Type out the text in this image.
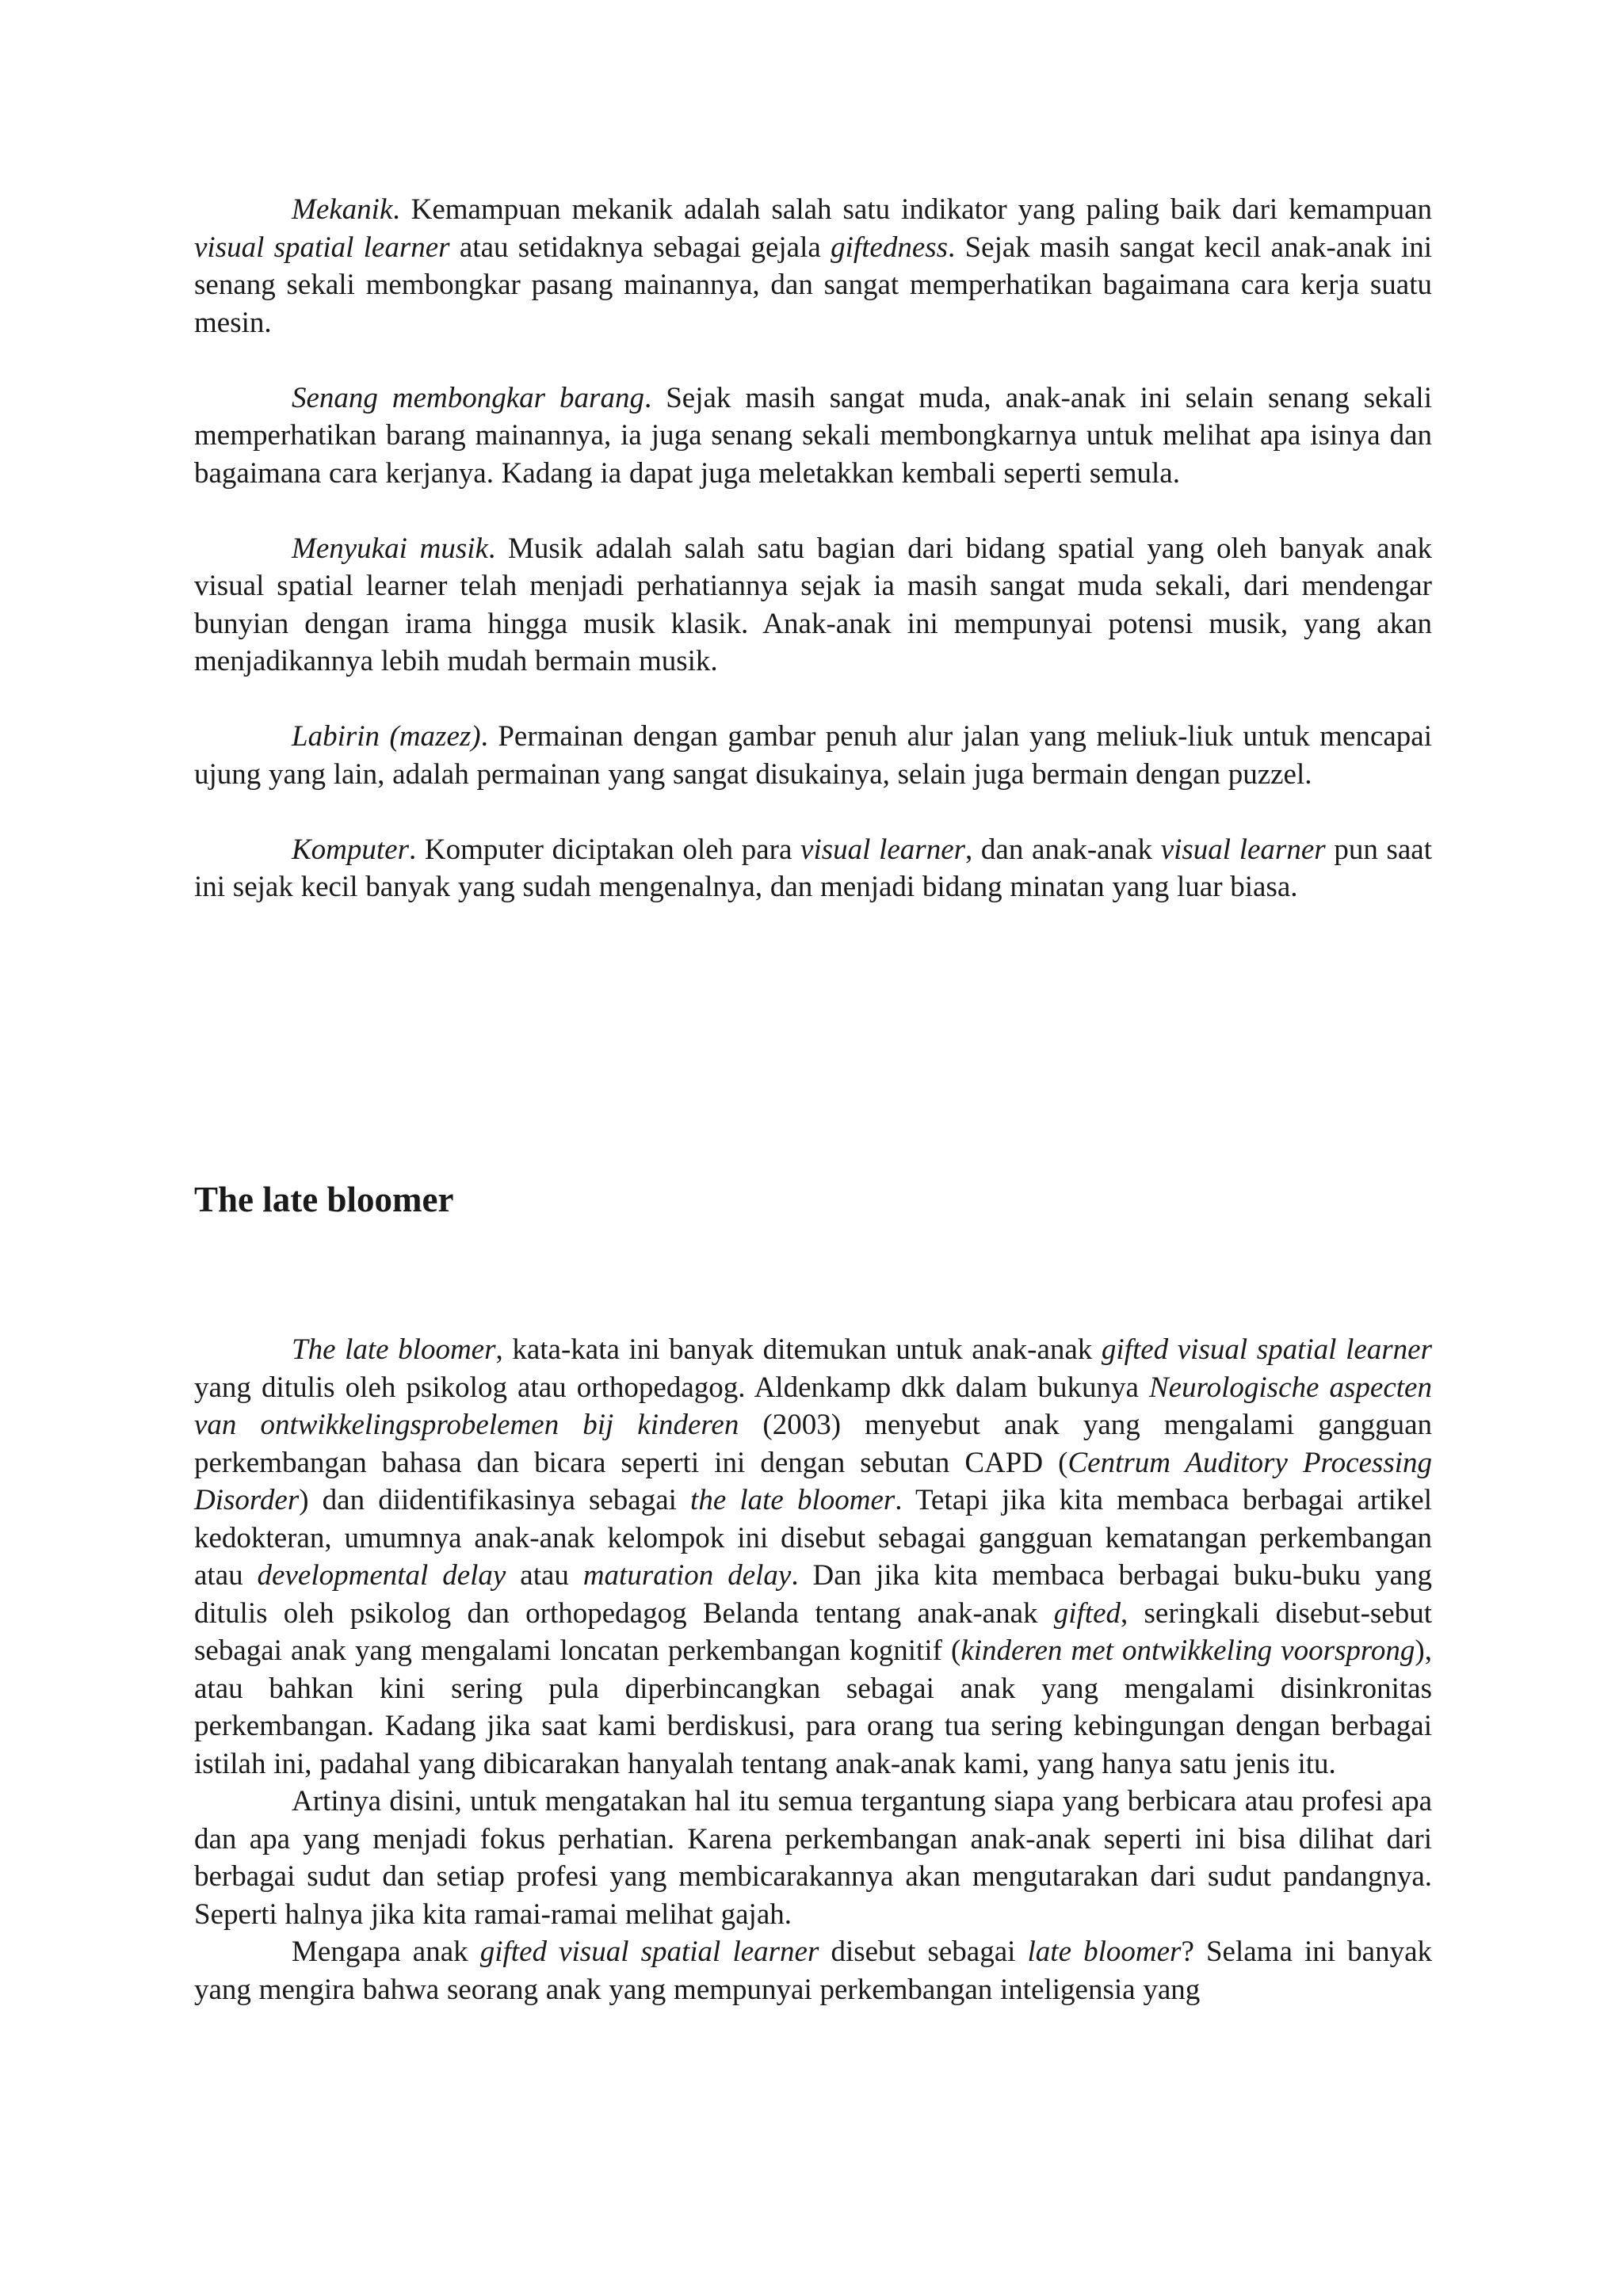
Mekanik. Kemampuan mekanik adalah salah satu indikator yang paling baik dari kemampuan visual spatial learner atau setidaknya sebagai gejala giftedness. Sejak masih sangat kecil anak-anak ini senang sekali membongkar pasang mainannya, dan sangat memperhatikan bagaimana cara kerja suatu mesin.

Senang membongkar barang. Sejak masih sangat muda, anak-anak ini selain senang sekali memperhatikan barang mainannya, ia juga senang sekali membongkarnya untuk melihat apa isinya dan bagaimana cara kerjanya. Kadang ia dapat juga meletakkan kembali seperti semula.

Menyukai musik. Musik adalah salah satu bagian dari bidang spatial yang oleh banyak anak visual spatial learner telah menjadi perhatiannya sejak ia masih sangat muda sekali, dari mendengar bunyian dengan irama hingga musik klasik. Anak-anak ini mempunyai potensi musik, yang akan menjadikannya lebih mudah bermain musik.

Labirin (mazez). Permainan dengan gambar penuh alur jalan yang meliuk-liuk untuk mencapai ujung yang lain, adalah permainan yang sangat disukainya, selain juga bermain dengan puzzel.

Komputer. Komputer diciptakan oleh para visual learner, dan anak-anak visual learner pun saat ini sejak kecil banyak yang sudah mengenalnya, dan menjadi bidang minatan yang luar biasa.

The late bloomer

The late bloomer, kata-kata ini banyak ditemukan untuk anak-anak gifted visual spatial learner yang ditulis oleh psikolog atau orthopedagog. Aldenkamp dkk dalam bukunya Neurologische aspecten van ontwikkelingsprobelemen bij kinderen (2003) menyebut anak yang mengalami gangguan perkembangan bahasa dan bicara seperti ini dengan sebutan CAPD (Centrum Auditory Processing Disorder) dan diidentifikasinya sebagai the late bloomer. Tetapi jika kita membaca berbagai artikel kedokteran, umumnya anak-anak kelompok ini disebut sebagai gangguan kematangan perkembangan atau developmental delay atau maturation delay. Dan jika kita membaca berbagai buku-buku yang ditulis oleh psikolog dan orthopedagog Belanda tentang anak-anak gifted, seringkali disebut-sebut sebagai anak yang mengalami loncatan perkembangan kognitif (kinderen met ontwikkeling voorsprong), atau bahkan kini sering pula diperbincangkan sebagai anak yang mengalami disinkronitas perkembangan. Kadang jika saat kami berdiskusi, para orang tua sering kebingungan dengan berbagai istilah ini, padahal yang dibicarakan hanyalah tentang anak-anak kami, yang hanya satu jenis itu.

Artinya disini, untuk mengatakan hal itu semua tergantung siapa yang berbicara atau profesi apa dan apa yang menjadi fokus perhatian. Karena perkembangan anak-anak seperti ini bisa dilihat dari berbagai sudut dan setiap profesi yang membicarakannya akan mengutarakan dari sudut pandangnya. Seperti halnya jika kita ramai-ramai melihat gajah.

Mengapa anak gifted visual spatial learner disebut sebagai late bloomer? Selama ini banyak yang mengira bahwa seorang anak yang mempunyai perkembangan inteligensia yang
